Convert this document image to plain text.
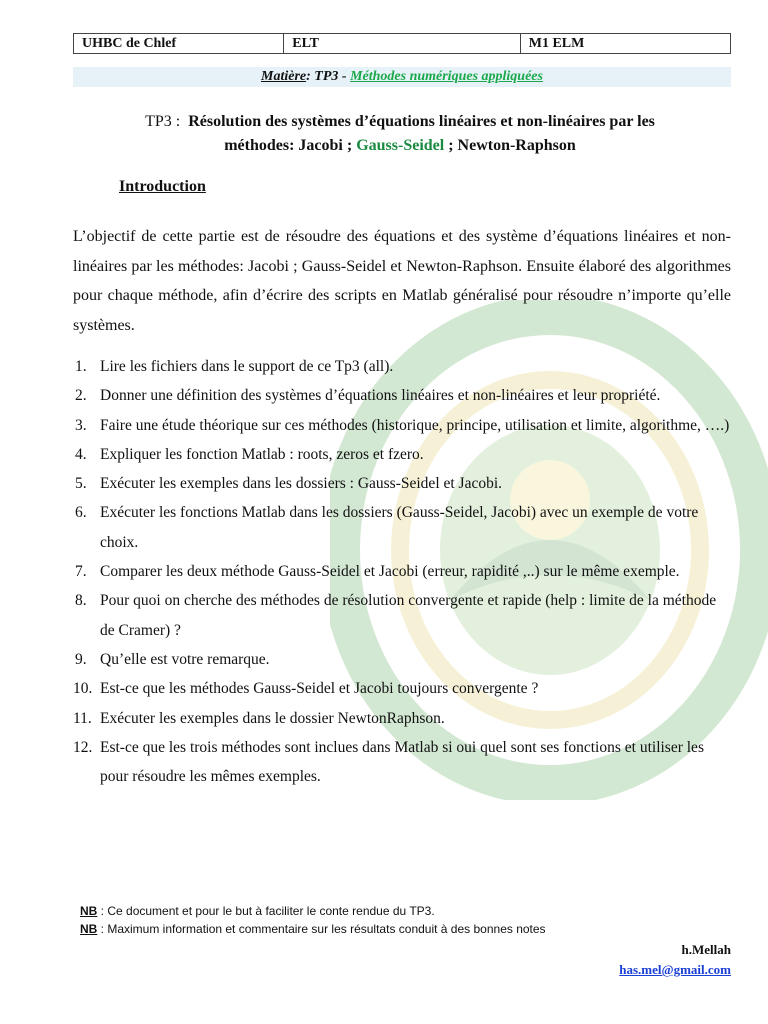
UHBC de Chlef	ELT	M1 ELM
Matière: TP3 - Méthodes numériques appliquées
TP3 : Résolution des systèmes d’équations linéaires et non-linéaires par les
méthodes: Jacobi ; Gauss-Seidel ; Newton-Raphson
Introduction
L’objectif de cette partie est de résoudre des équations et des système d’équations linéaires et non-linéaires par les méthodes: Jacobi ; Gauss-Seidel et Newton-Raphson. Ensuite élaboré des algorithmes pour chaque méthode, afin d’écrire des scripts en Matlab généralisé pour résoudre n’importe qu’elle systèmes.
1. Lire les fichiers dans le support de ce Tp3 (all).
2. Donner une définition des systèmes d’équations linéaires et non-linéaires et leur propriété.
3. Faire une étude théorique sur ces méthodes (historique, principe, utilisation et limite, algorithme, ….)
4. Expliquer les fonction Matlab : roots, zeros et fzero.
5. Exécuter les exemples dans les dossiers : Gauss-Seidel et Jacobi.
6. Exécuter les fonctions Matlab dans les dossiers (Gauss-Seidel, Jacobi) avec un exemple de votre choix.
7. Comparer les deux méthode Gauss-Seidel et Jacobi (erreur, rapidité ,..) sur le même exemple.
8. Pour quoi on cherche des méthodes de résolution convergente et rapide (help : limite de la méthode de Cramer) ?
9. Qu’elle est votre remarque.
10. Est-ce que les méthodes Gauss-Seidel et Jacobi toujours convergente ?
11. Exécuter les exemples dans le dossier NewtonRaphson.
12. Est-ce que les trois méthodes sont inclues dans Matlab si oui quel sont ses fonctions et utiliser les pour résoudre les mêmes exemples.
NB : Ce document et pour le but à faciliter le conte rendue du TP3.
NB : Maximum information et commentaire sur les résultats conduit à des bonnes notes
h.Mellah
has.mel@gmail.com
